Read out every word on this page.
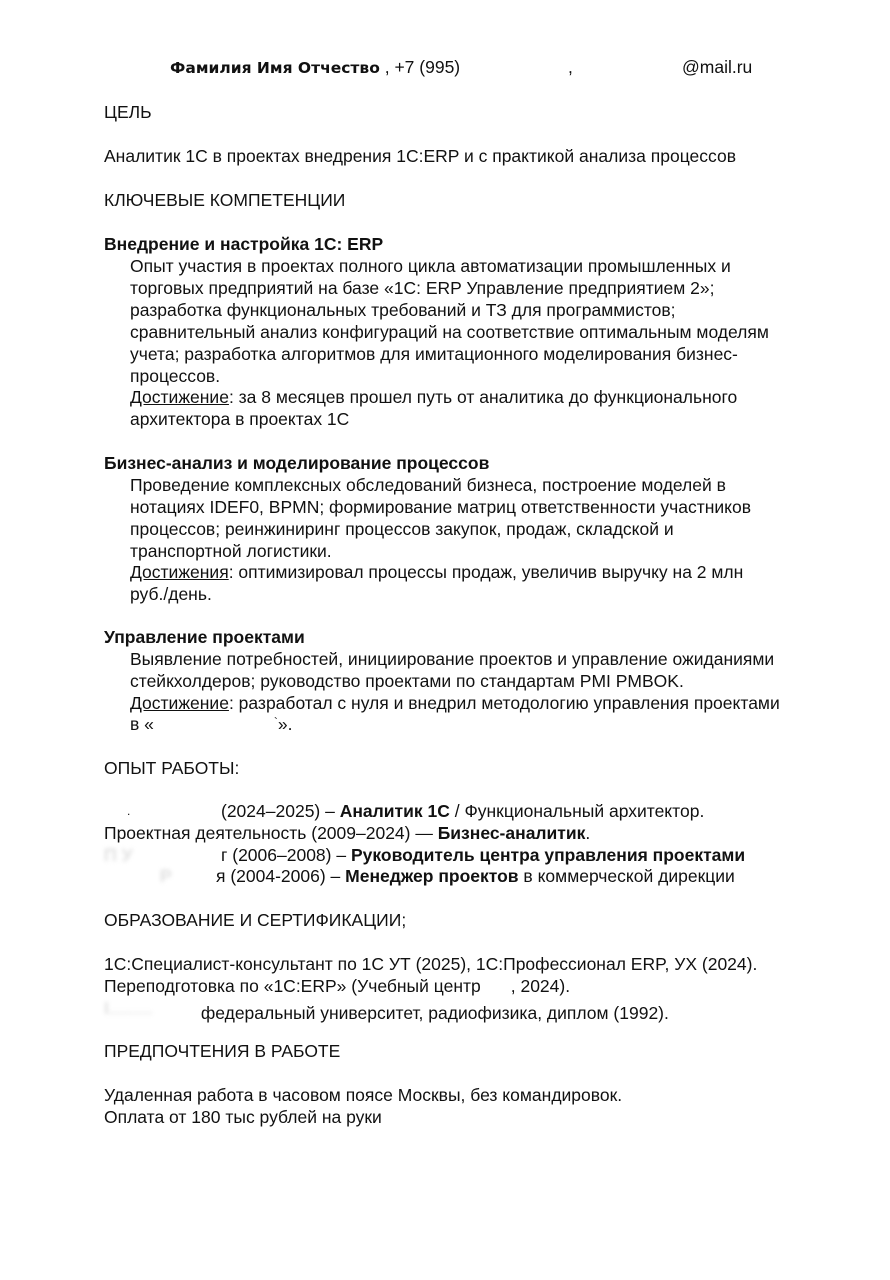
Фамилия Имя Отчество , +7 (995)	,	@mail.ru
ЦЕЛЬ
Аналитик 1С в проектах внедрения 1С:ERP и с практикой анализа процессов
КЛЮЧЕВЫЕ КОМПЕТЕНЦИИ
Внедрение и настройка 1С: ERP
Опыт участия в проектах полного цикла автоматизации промышленных и
торговых предприятий на базе «1С: ERP Управление предприятием 2»;
разработка функциональных требований и ТЗ для программистов;
сравнительный анализ конфигураций на соответствие оптимальным моделям
учета; разработка алгоритмов для имитационного моделирования бизнес-
процессов.
Достижение: за 8 месяцев прошел путь от аналитика до функционального
архитектора в проектах 1С
Бизнес-анализ и моделирование процессов
Проведение комплексных обследований бизнеса, построение моделей в
нотациях IDEF0, BPMN; формирование матриц ответственности участников
процессов; реинжиниринг процессов закупок, продаж, складской и
транспортной логистики.
Достижения: оптимизировал процессы продаж, увеличив выручку на 2 млн
руб./день.
Управление проектами
Выявление потребностей, инициирование проектов и управление ожиданиями
стейкхолдеров; руководство проектами по стандартам PMI PMBOK.
Достижение: разработал с нуля и внедрил методологию управления проектами
в «	`».
ОПЫТ РАБОТЫ:
.	(2024–2025) – Аналитик 1С / Функциональный архитектор.
Проектная деятельность (2009–2024) — Бизнес-аналитик.
П У	г (2006–2008) – Руководитель центра управления проектами
Р	я (2004-2006) – Менеджер проектов в коммерческой дирекции
ОБРАЗОВАНИЕ И СЕРТИФИКАЦИИ;
1С:Специалист-консультант по 1С УТ (2025), 1С:Профессионал ERP, УХ (2024).
Переподготовка по «1С:ERP» (Учебный центр , 2024).
I......... федеральный университет, радиофизика, диплом (1992).
ПРЕДПОЧТЕНИЯ В РАБОТЕ
Удаленная работа в часовом поясе Москвы, без командировок.
Оплата от 180 тыс рублей на руки
